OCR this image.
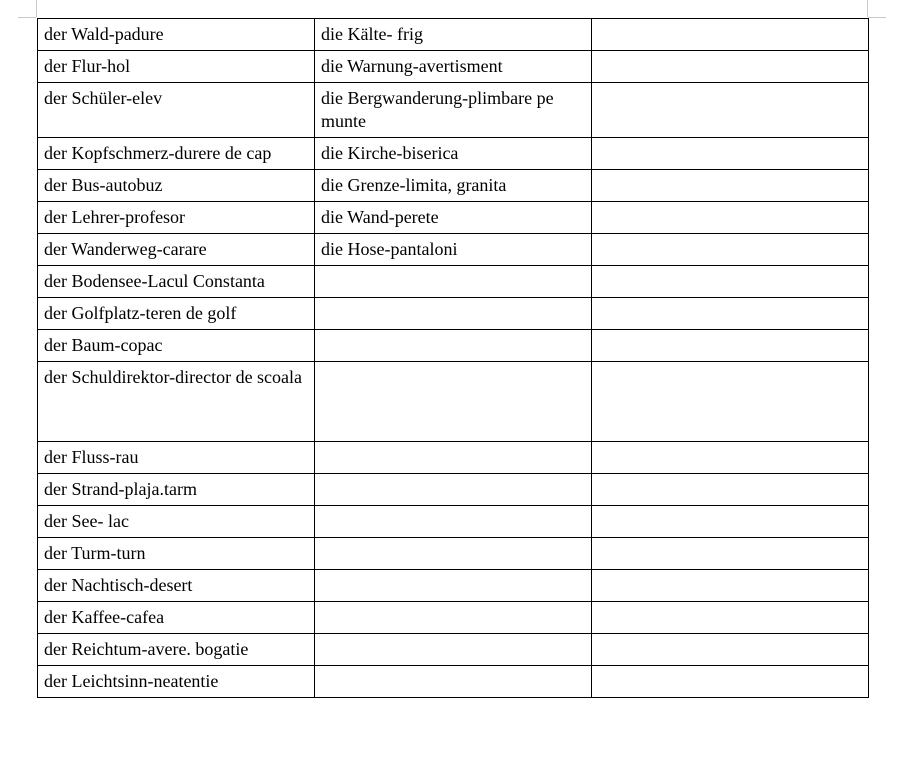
der Wald-padure	die Kälte- frig	
der Flur-hol	die Warnung-avertisment	
der Schüler-elev	die Bergwanderung-plimbare pe munte	
der Kopfschmerz-durere de cap	die Kirche-biserica	
der Bus-autobuz	die Grenze-limita, granita	
der Lehrer-profesor	die Wand-perete	
der Wanderweg-carare	die Hose-pantaloni	
der Bodensee-Lacul Constanta		
der Golfplatz-teren de golf		
der Baum-copac		
der Schuldirektor-director de scoala		
der Fluss-rau		
der Strand-plaja.tarm		
der See- lac		
der Turm-turn		
der Nachtisch-desert		
der Kaffee-cafea		
der Reichtum-avere. bogatie		
der Leichtsinn-neatentie		
